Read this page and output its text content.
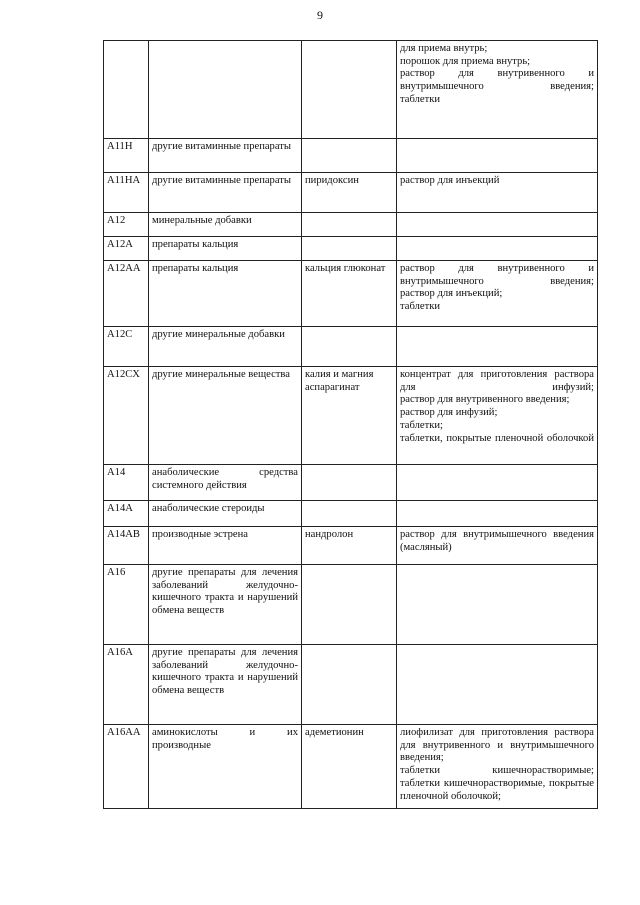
9

			для приема внутрь;
порошок для приема внутрь;
раствор для внутривенного и внутримышечного введения;
таблетки

A11H	другие витаминные препараты		
A11HA	другие витаминные препараты	пиридоксин	раствор для инъекций

A12	минеральные добавки		
A12A	препараты кальция		
A12AA	препараты кальция	кальция глюконат	раствор для внутривенного и внутримышечного введения;
раствор для инъекций;
таблетки

A12C	другие минеральные добавки		
A12CX	другие минеральные вещества	калия и магния аспарагинат	концентрат для приготовления раствора для инфузий;
раствор для внутривенного введения;
раствор для инфузий;
таблетки;
таблетки, покрытые пленочной оболочкой

A14	анаболические средства системного действия		
A14A	анаболические стероиды		
A14AB	производные эстрена	нандролон	раствор для внутримышечного введения (масляный)

A16	другие препараты для лечения заболеваний желудочно-кишечного тракта и нарушений обмена веществ		
A16A	другие препараты для лечения заболеваний желудочно-кишечного тракта и нарушений обмена веществ		
A16AA	аминокислоты и их производные	адеметионин	лиофилизат для приготовления раствора для внутривенного и внутримышечного введения;
таблетки кишечнорастворимые;
таблетки кишечнорастворимые, покрытые пленочной оболочкой;
